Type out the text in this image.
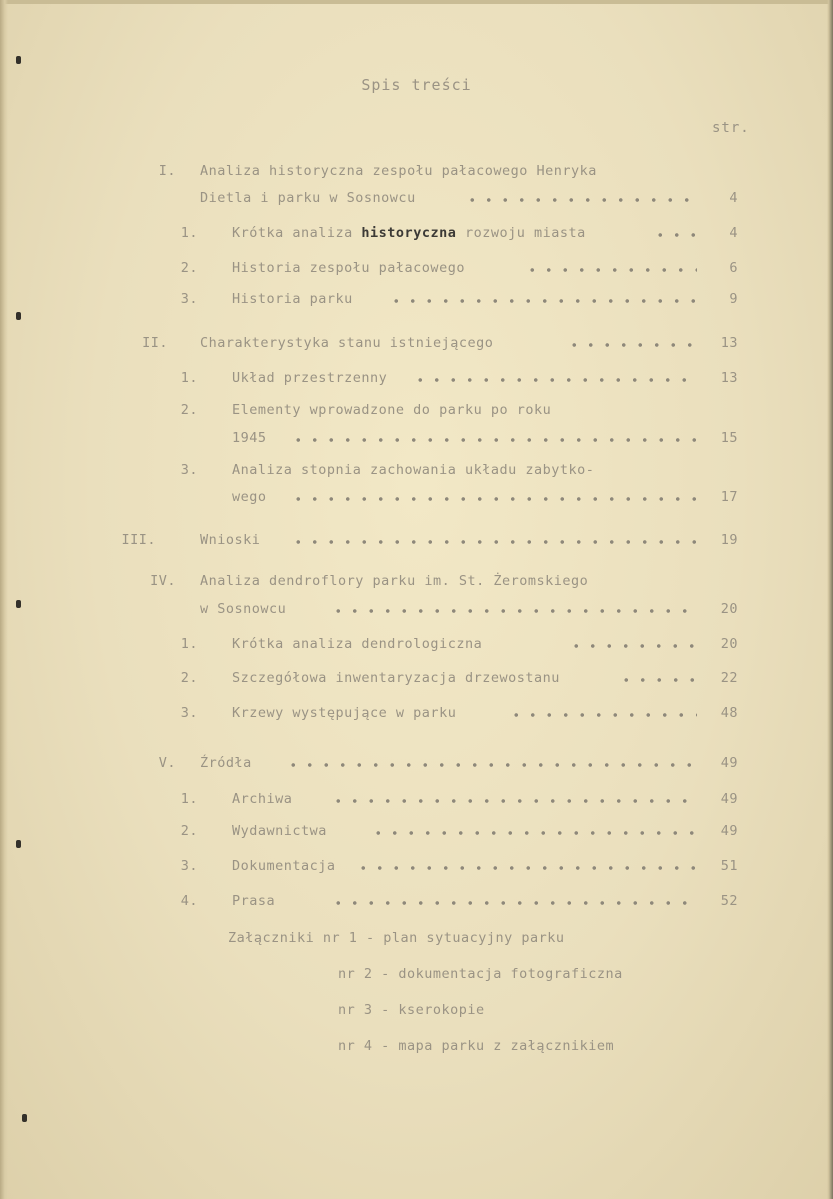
Spis treści
str.
I. Analiza historyczna zespołu pałacowego Henryka
Dietla i parku w Sosnowcu	4
1.	Krótka analiza historyczna rozwoju miasta	4
2.	Historia zespołu pałacowego	6
3.	Historia parku	9
II. Charakterystyka stanu istniejącego	13
1.	Układ przestrzenny	13
2.	Elementy wprowadzone do parku po roku
1945	15
3.	Analiza stopnia zachowania układu zabytko-
wego	17
III.	Wnioski	19
IV. Analiza dendroflory parku im. St. Żeromskiego
w Sosnowcu	20
1.	Krótka analiza dendrologiczna	20
2.	Szczegółowa inwentaryzacja drzewostanu	22
3.	Krzewy występujące w parku	48
V. Źródła	49
1.	Archiwa	49
2.	Wydawnictwa	49
3.	Dokumentacja	51
4.	Prasa	52
Załączniki nr 1 - plan sytuacyjny parku
nr 2 - dokumentacja fotograficzna
nr 3 - kserokopie
nr 4 - mapa parku z załącznikiem
